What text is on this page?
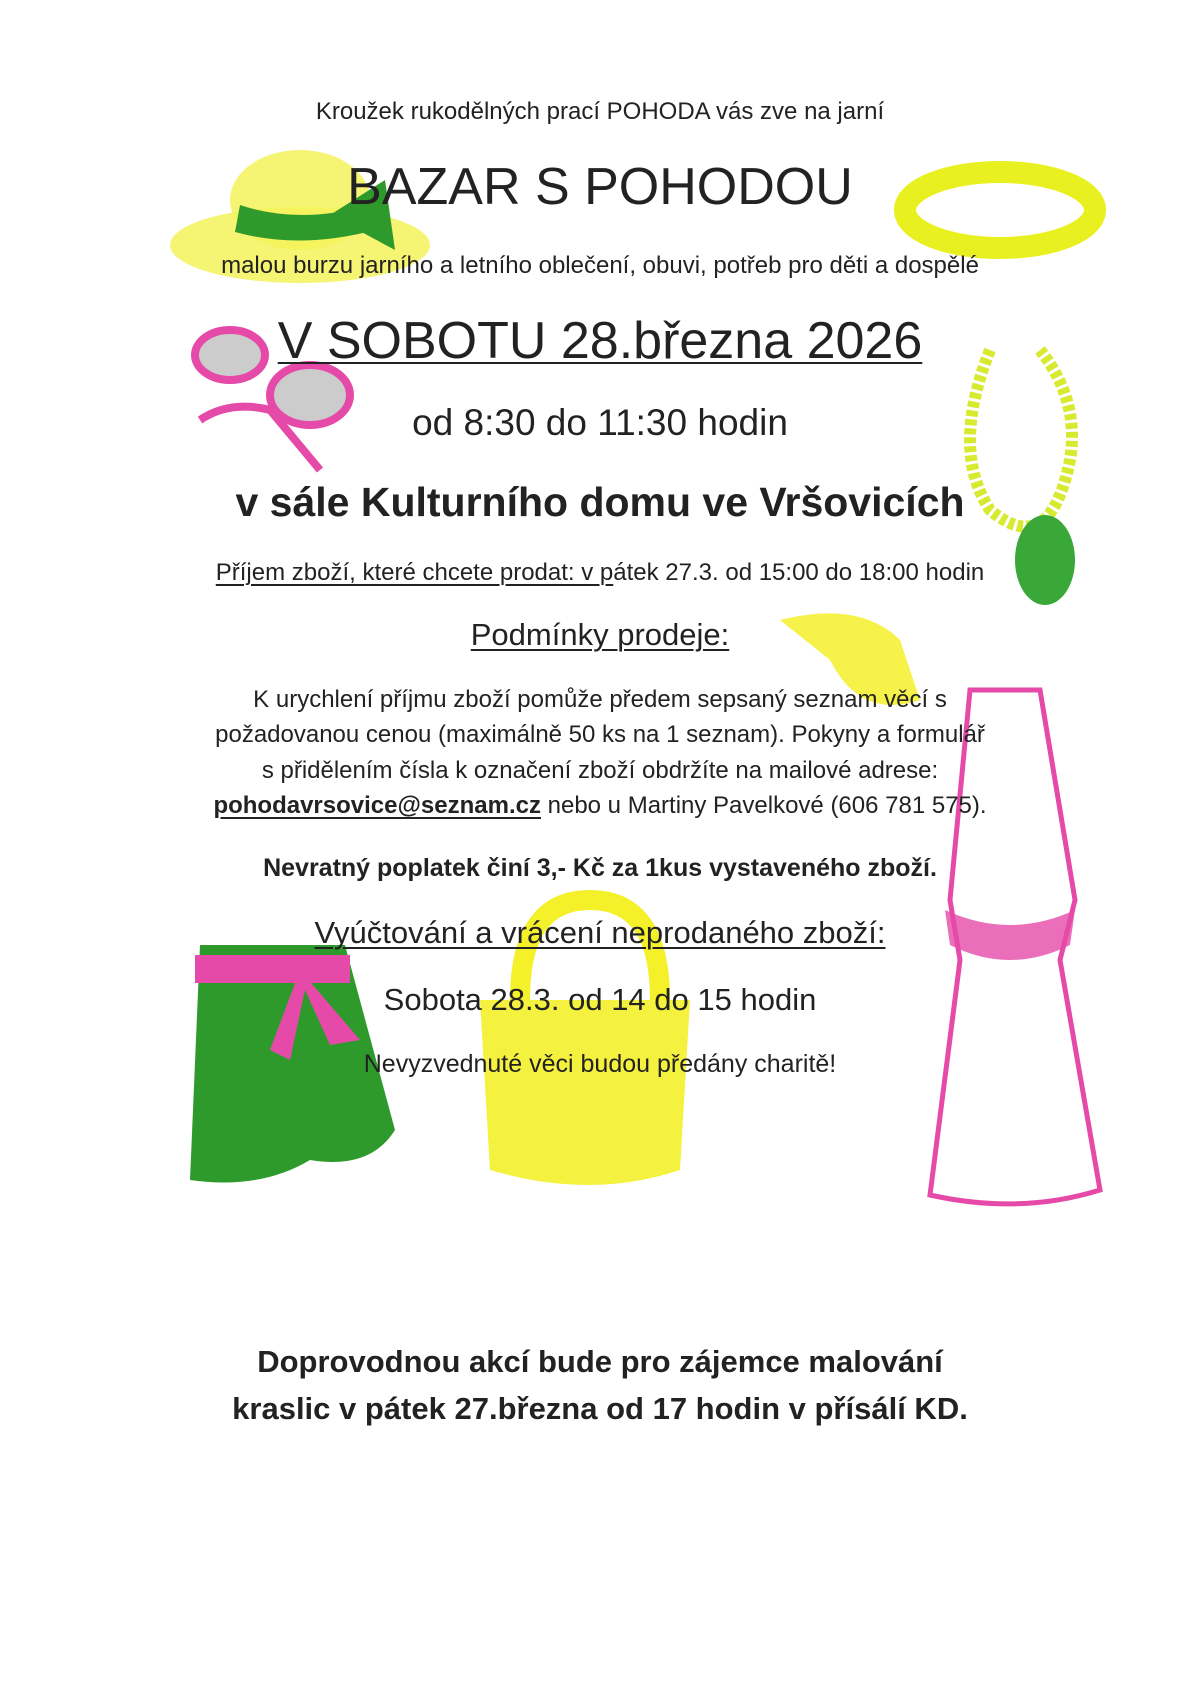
Kroužek rukodělných prací POHODA vás zve na jarní
BAZAR S POHODOU
malou burzu jarního a letního oblečení, obuvi, potřeb pro děti a dospělé
V SOBOTU 28.března 2026
od 8:30 do 11:30 hodin
v sále Kulturního domu ve Vršovicích
Příjem zboží, které chcete prodat: v pátek 27.3. od 15:00 do 18:00 hodin
Podmínky prodeje:
K urychlení příjmu zboží pomůže předem sepsaný seznam věcí s
požadovanou cenou (maximálně 50 ks na 1 seznam). Pokyny a formulář
s přidělením čísla k označení zboží obdržíte na mailové adrese:
pohodavrsovice@seznam.cz nebo u Martiny Pavelkové (606 781 575).
Nevratný poplatek činí 3,- Kč za 1kus vystaveného zboží.
Vyúčtování a vrácení neprodaného zboží:
Sobota 28.3. od 14 do 15 hodin
Nevyzvednuté věci budou předány charitě!
Doprovodnou akcí bude pro zájemce malování
kraslic v pátek 27.března od 17 hodin v přísálí KD.
